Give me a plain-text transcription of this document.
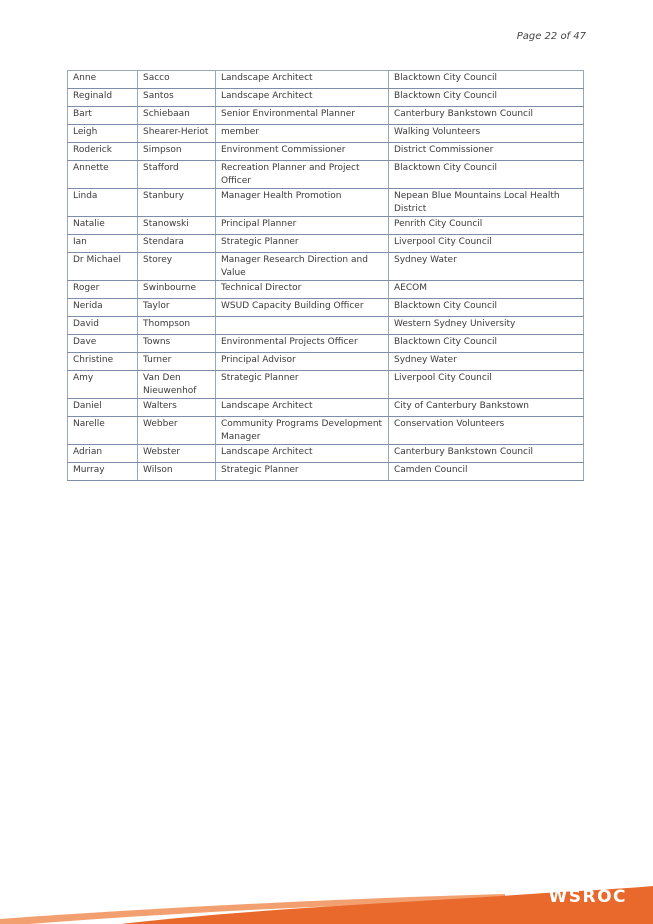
Page 22 of 47
Anne	Sacco	Landscape Architect	Blacktown City Council
Reginald	Santos	Landscape Architect	Blacktown City Council
Bart	Schiebaan	Senior Environmental Planner	Canterbury Bankstown Council
Leigh	Shearer-Heriot	member	Walking Volunteers
Roderick	Simpson	Environment Commissioner	District Commissioner
Annette	Stafford	Recreation Planner and Project Officer	Blacktown City Council
Linda	Stanbury	Manager Health Promotion	Nepean Blue Mountains Local Health District
Natalie	Stanowski	Principal Planner	Penrith City Council
Ian	Stendara	Strategic Planner	Liverpool City Council
Dr Michael	Storey	Manager Research Direction and Value	Sydney Water
Roger	Swinbourne	Technical Director	AECOM
Nerida	Taylor	WSUD Capacity Building Officer	Blacktown City Council
David	Thompson		Western Sydney University
Dave	Towns	Environmental Projects Officer	Blacktown City Council
Christine	Turner	Principal Advisor	Sydney Water
Amy	Van Den Nieuwenhof	Strategic Planner	Liverpool City Council
Daniel	Walters	Landscape Architect	City of Canterbury Bankstown
Narelle	Webber	Community Programs Development Manager	Conservation Volunteers
Adrian	Webster	Landscape Architect	Canterbury Bankstown Council
Murray	Wilson	Strategic Planner	Camden Council
WSROC
